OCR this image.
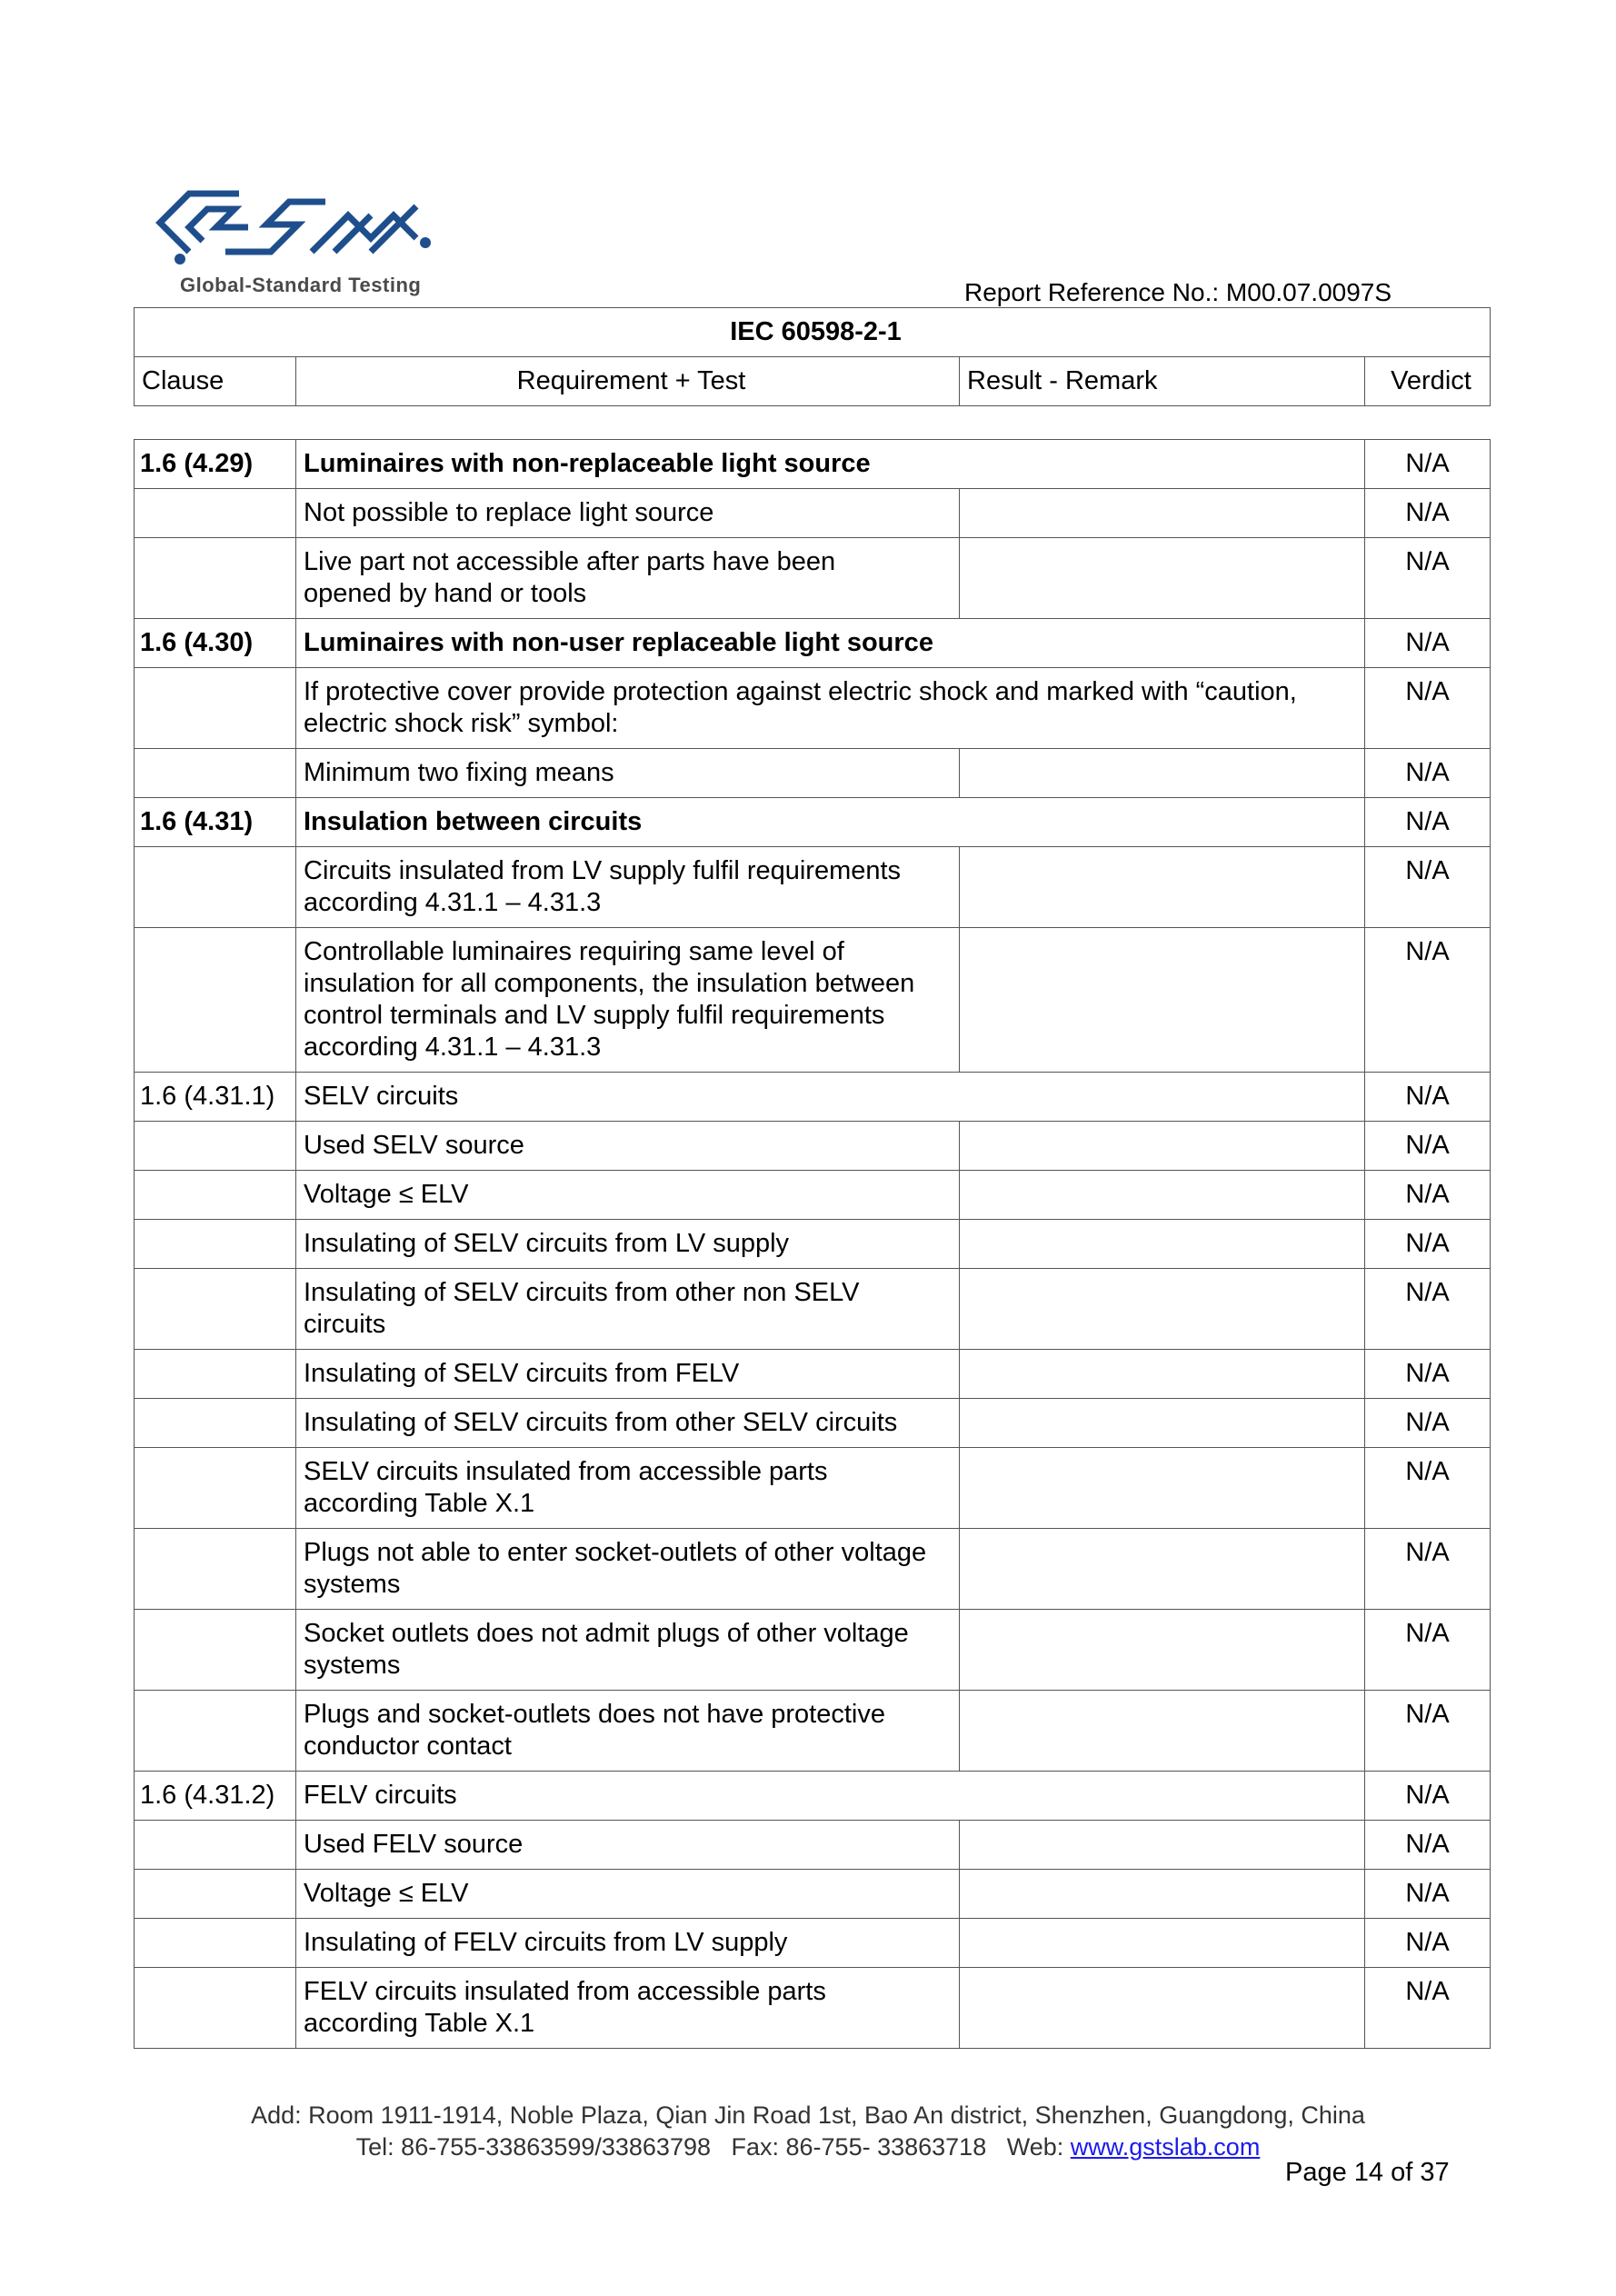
Global-Standard Testing	Report Reference No.: M00.07.0097S
IEC 60598-2-1
Clause	Requirement + Test	Result - Remark	Verdict
1.6 (4.29)	Luminaires with non-replaceable light source		N/A
	Not possible to replace light source		N/A
	Live part not accessible after parts have been
opened by hand or tools		N/A
1.6 (4.30)	Luminaires with non-user replaceable light source		N/A
	If protective cover provide protection against electric shock and marked with “caution,
electric shock risk” symbol:		N/A
	Minimum two fixing means		N/A
1.6 (4.31)	Insulation between circuits		N/A
	Circuits insulated from LV supply fulfil requirements
according 4.31.1 – 4.31.3		N/A
	Controllable luminaires requiring same level of
insulation for all components, the insulation between
control terminals and LV supply fulfil requirements
according 4.31.1 – 4.31.3		N/A
1.6 (4.31.1)	SELV circuits		N/A
	Used SELV source		N/A
	Voltage ≤ ELV		N/A
	Insulating of SELV circuits from LV supply		N/A
	Insulating of SELV circuits from other non SELV
circuits		N/A
	Insulating of SELV circuits from FELV		N/A
	Insulating of SELV circuits from other SELV circuits		N/A
	SELV circuits insulated from accessible parts
according Table X.1		N/A
	Plugs not able to enter socket-outlets of other voltage
systems		N/A
	Socket outlets does not admit plugs of other voltage
systems		N/A
	Plugs and socket-outlets does not have protective
conductor contact		N/A
1.6 (4.31.2)	FELV circuits		N/A
	Used FELV source		N/A
	Voltage ≤ ELV		N/A
	Insulating of FELV circuits from LV supply		N/A
	FELV circuits insulated from accessible parts
according Table X.1		N/A
Add: Room 1911-1914, Noble Plaza, Qian Jin Road 1st, Bao An district, Shenzhen, Guangdong, China
Tel: 86-755-33863599/33863798   Fax: 86-755- 33863718   Web: www.gstslab.com
Page 14 of 37
